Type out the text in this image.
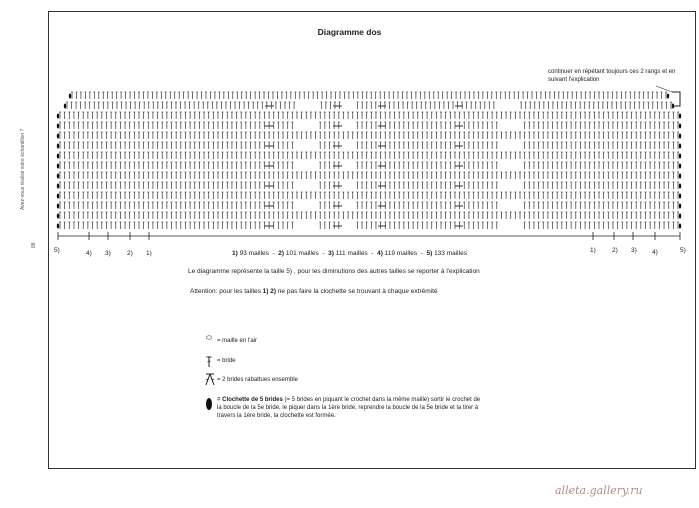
Diagramme dos
Avez-vous réalisé votre échantillon ?
88
continuer en répétant toujours ces 2 rangs et en suivant l'explication
5)	4) 3) 2) 1)	1) 2) 3) 4)	5)
1) 93 mailles  -  2) 101 mailles  -  3) 111 mailles  -  4) 119 mailles  -  5) 133 mailles
Le diagramme représente la taille 5) , pour les diminutions des autres tailles se reporter à l'explication
Attention: pour les tailles 1) 2) ne pas faire la clochette se trouvant à chaque extrémité
⬭ = maille en l'air
= bride
= 2 brides rabattues ensemble
= Clochette de 5 brides (= 5 brides en piquant le crochet dans la même maille) sortir le crochet de la boucle de la 5e bride, le piquer dans la 1ère bride, reprendre la boucle de la 5e bride et la tirer à travers la 1ère bride, la clochette est formée.
alleta.gallery.ru
